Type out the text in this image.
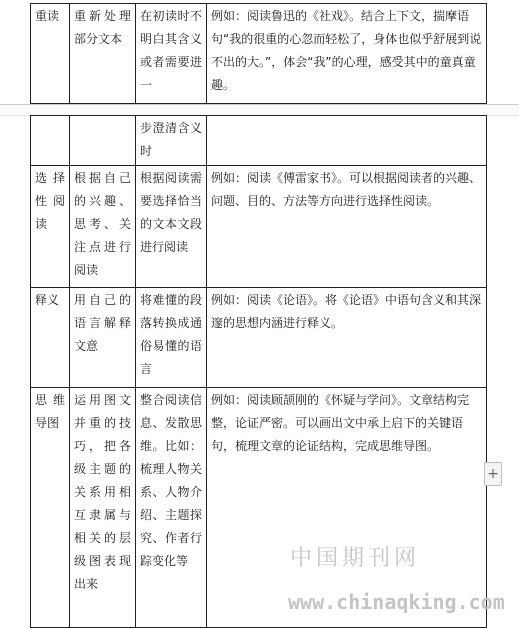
重读	重新处理部分文本	在初读时不明白其含义或者需要进一	例如：阅读鲁迅的《社戏》。结合上下文，揣摩语句“我的很重的心忽而轻松了，身体也似乎舒展到说不出的大。”，体会“我”的心理，感受其中的童真童趣。
		步澄清含义时	
选择性阅读	根据自己的兴趣、思考、关注点进行阅读	根据阅读需要选择恰当的文本文段进行阅读	例如：阅读《傅雷家书》。可以根据阅读者的兴趣、问题、目的、方法等方向进行选择性阅读。
释义	用自己的语言解释文意	将难懂的段落转换成通俗易懂的语言	例如：阅读《论语》。将《论语》中语句含义和其深邃的思想内涵进行释义。
思维导图	运用图文并重的技巧，把各级主题的关系用相互隶属与相关的层级图表现出来	整合阅读信息、发散思维。比如：梳理人物关系、人物介绍、主题探究、作者行踪变化等	例如：阅读顾颉刚的《怀疑与学问》。文章结构完整，论证严密。可以画出文中承上启下的关键语句，梳理文章的论证结构，完成思维导图。
+
中国期刊网
www.chinaqking.com
